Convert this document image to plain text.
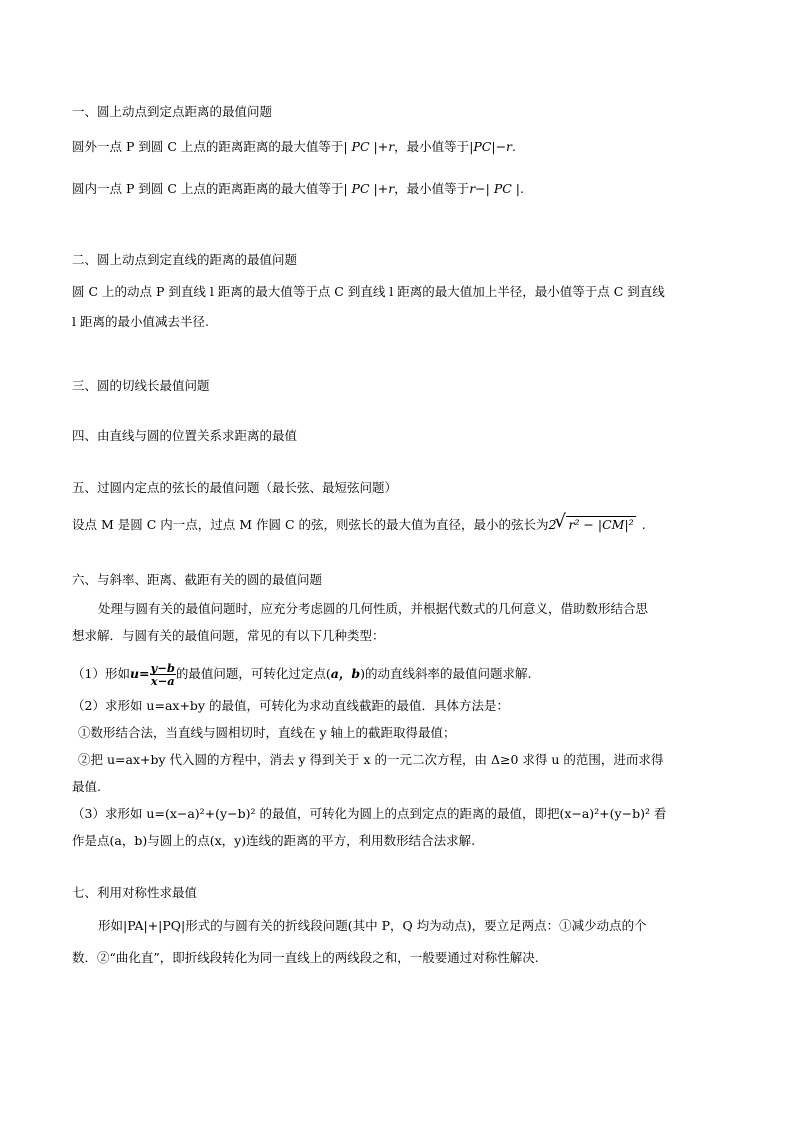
一、圆上动点到定点距离的最值问题
圆外一点 P 到圆 C 上点的距离距离的最大值等于| PC |+r，最小值等于|PC|−r.
圆内一点 P 到圆 C 上点的距离距离的最大值等于| PC |+r，最小值等于r−| PC |.
二、圆上动点到定直线的距离的最值问题
圆 C 上的动点 P 到直线 l 距离的最大值等于点 C 到直线 l 距离的最大值加上半径，最小值等于点 C 到直线
l 距离的最小值减去半径.
三、圆的切线长最值问题
四、由直线与圆的位置关系求距离的最值
五、过圆内定点的弦长的最值问题（最长弦、最短弦问题）
设点 M 是圆 C 内一点，过点 M 作圆 C 的弦，则弦长的最大值为直径，最小的弦长为2√ r² − |CM|² .
六、与斜率、距离、截距有关的圆的最值问题
处理与圆有关的最值问题时，应充分考虑圆的几何性质，并根据代数式的几何意义，借助数形结合思
想求解．与圆有关的最值问题，常见的有以下几种类型：
（1）形如$u= \frac{y-b}{x-a}$ 的最值问题，可转化过定点(a，b)的动直线斜率的最值问题求解.
（2）求形如 u=ax+by 的最值，可转化为求动直线截距的最值．具体方法是：
①数形结合法，当直线与圆相切时，直线在 y 轴上的截距取得最值；
②把 u=ax+by 代入圆的方程中，消去 y 得到关于 x 的一元二次方程，由 Δ≥0 求得 u 的范围，进而求得
最值.
（3）求形如 u=(x−a)²+(y−b)² 的最值，可转化为圆上的点到定点的距离的最值，即把(x−a)²+(y−b)² 看
作是点(a，b)与圆上的点(x，y)连线的距离的平方，利用数形结合法求解.
七、利用对称性求最值
形如|PA|+|PQ|形式的与圆有关的折线段问题(其中 P，Q 均为动点)，要立足两点：①减少动点的个
数．②“曲化直”，即折线段转化为同一直线上的两线段之和，一般要通过对称性解决.
